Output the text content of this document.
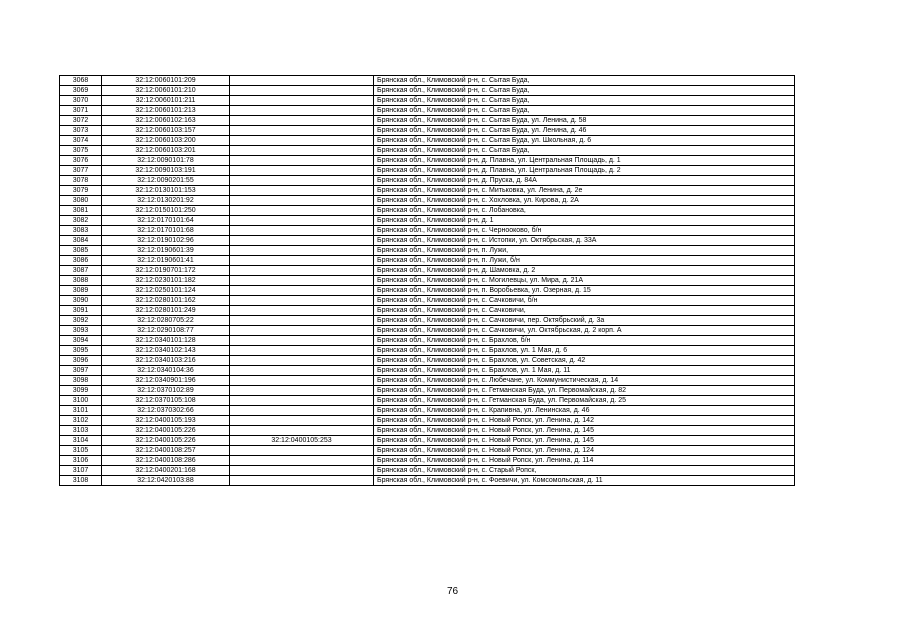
3068	32:12:0060101:209		Брянская обл., Климовский р-н, с. Сытая Буда,
3069	32:12:0060101:210		Брянская обл., Климовский р-н, с. Сытая Буда,
3070	32:12:0060101:211		Брянская обл., Климовский р-н, с. Сытая Буда,
3071	32:12:0060101:213		Брянская обл., Климовский р-н, с. Сытая Буда,
3072	32:12:0060102:163		Брянская обл., Климовский р-н, с. Сытая Буда, ул. Ленина, д. 58
3073	32:12:0060103:157		Брянская обл., Климовский р-н, с. Сытая Буда, ул. Ленина, д. 46
3074	32:12:0060103:200		Брянская обл., Климовский р-н, с. Сытая Буда, ул. Школьная, д. 6
3075	32:12:0060103:201		Брянская обл., Климовский р-н, с. Сытая Буда,
3076	32:12:0090101:78		Брянская обл., Климовский р-н, д. Плавна, ул. Центральная Площадь, д. 1
3077	32:12:0090103:191		Брянская обл., Климовский р-н, д. Плавна, ул. Центральная Площадь, д. 2
3078	32:12:0090201:55		Брянская обл., Климовский р-н, д. Пруска, д. 84А
3079	32:12:0130101:153		Брянская обл., Климовский р-н, с. Митьковка, ул. Ленина, д. 2е
3080	32:12:0130201:92		Брянская обл., Климовский р-н, с. Хохловка, ул. Кирова, д. 2А
3081	32:12:0150101:250		Брянская обл., Климовский р-н, с. Лобановка,
3082	32:12:0170101:64		Брянская обл., Климовский р-н, д. 1
3083	32:12:0170101:68		Брянская обл., Климовский р-н, с. Чернооково, б/н
3084	32:12:0190102:96		Брянская обл., Климовский р-н, с. Истопки, ул. Октябрьская, д. 33А
3085	32:12:0190601:39		Брянская обл., Климовский р-н, п. Лужи,
3086	32:12:0190601:41		Брянская обл., Климовский р-н, п. Лужи, б/н
3087	32:12:0190701:172		Брянская обл., Климовский р-н, д. Шамовка, д. 2
3088	32:12:0230101:182		Брянская обл., Климовский р-н, с. Могилевцы, ул. Мира, д. 21А
3089	32:12:0250101:124		Брянская обл., Климовский р-н, п. Воробьевка, ул. Озерная, д. 15
3090	32:12:0280101:162		Брянская обл., Климовский р-н, с. Сачковичи, б/н
3091	32:12:0280101:249		Брянская обл., Климовский р-н, с. Сачковичи,
3092	32:12:0280705:22		Брянская обл., Климовский р-н, с. Сачковичи, пер. Октябрьский, д. 3а
3093	32:12:0290108:77		Брянская обл., Климовский р-н, с. Сачковичи, ул. Октябрьская, д. 2 корп. А
3094	32:12:0340101:128		Брянская обл., Климовский р-н, с. Брахлов, б/н
3095	32:12:0340102:143		Брянская обл., Климовский р-н, с. Брахлов, ул. 1 Мая, д. 6
3096	32:12:0340103:216		Брянская обл., Климовский р-н, с. Брахлов, ул. Советская, д. 42
3097	32:12:0340104:36		Брянская обл., Климовский р-н, с. Брахлов, ул. 1 Мая, д. 11
3098	32:12:0340901:196		Брянская обл., Климовский р-н, с. Любечане, ул. Коммунистическая, д. 14
3099	32:12:0370102:89		Брянская обл., Климовский р-н, с. Гетманская Буда, ул. Первомайская, д. 82
3100	32:12:0370105:108		Брянская обл., Климовский р-н, с. Гетманская Буда, ул. Первомайская, д. 25
3101	32:12:0370302:66		Брянская обл., Климовский р-н, с. Крапивна, ул. Ленинская, д. 46
3102	32:12:0400105:193		Брянская обл., Климовский р-н, с. Новый Ропск, ул. Ленина, д. 142
3103	32:12:0400105:226		Брянская обл., Климовский р-н, с. Новый Ропск, ул. Ленина, д. 145
3104	32:12:0400105:226	32:12:0400105:253	Брянская обл., Климовский р-н, с. Новый Ропск, ул. Ленина, д. 145
3105	32:12:0400108:257		Брянская обл., Климовский р-н, с. Новый Ропск, ул. Ленина, д. 124
3106	32:12:0400108:286		Брянская обл., Климовский р-н, с. Новый Ропск, ул. Ленина, д. 114
3107	32:12:0400201:168		Брянская обл., Климовский р-н, с. Старый Ропск,
3108	32:12:0420103:88		Брянская обл., Климовский р-н, с. Фоевичи, ул. Комсомольская, д. 11
76
